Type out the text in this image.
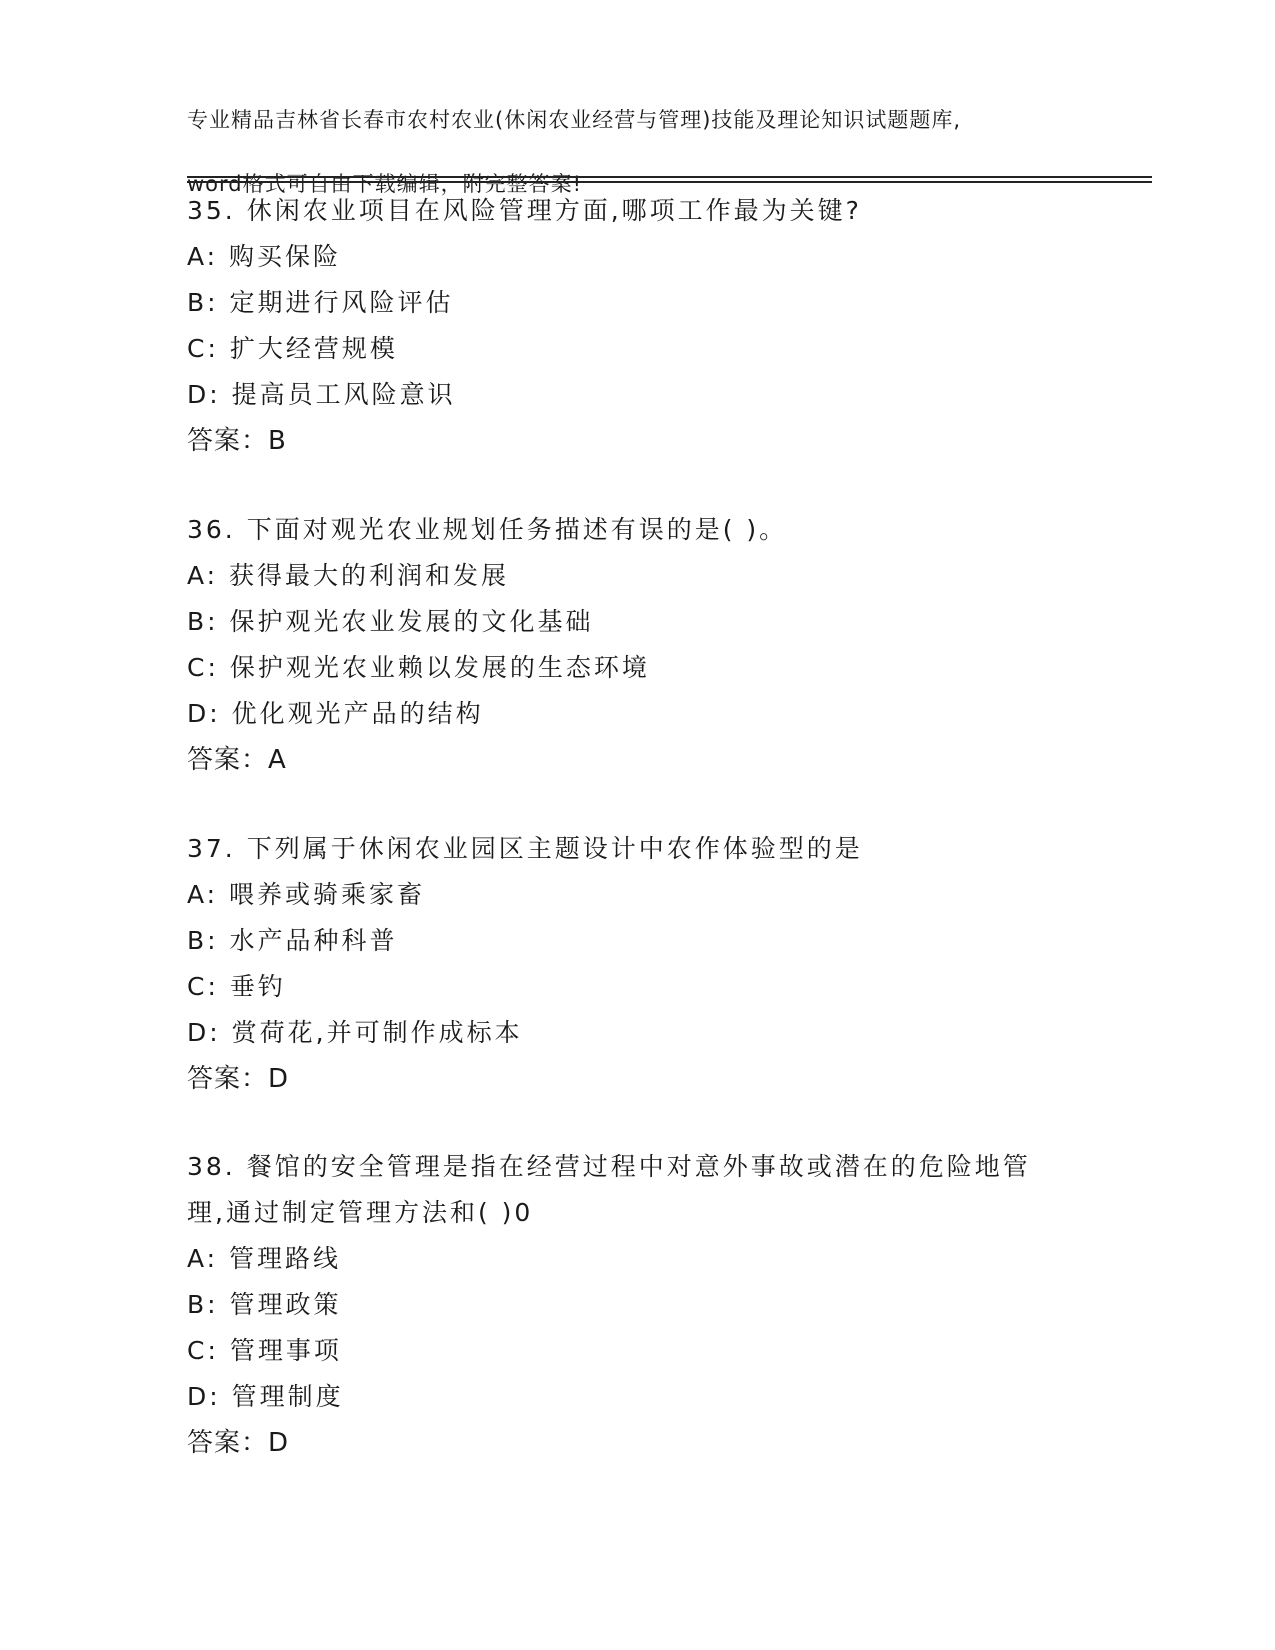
专业精品吉林省长春市农村农业(休闲农业经营与管理)技能及理论知识试题题库,

word格式可自由下载编辑，附完整答案!

35. 休闲农业项目在风险管理方面,哪项工作最为关键?
A: 购买保险
B: 定期进行风险评估
C: 扩大经营规模
D: 提高员工风险意识
答案：B
36. 下面对观光农业规划任务描述有误的是( )。
A: 获得最大的利润和发展
B: 保护观光农业发展的文化基础
C: 保护观光农业赖以发展的生态环境
D: 优化观光产品的结构
答案：A
37. 下列属于休闲农业园区主题设计中农作体验型的是
A: 喂养或骑乘家畜
B: 水产品种科普
C: 垂钓
D: 赏荷花,并可制作成标本
答案：D
38. 餐馆的安全管理是指在经营过程中对意外事故或潜在的危险地管
理,通过制定管理方法和( )0
A: 管理路线
B: 管理政策
C: 管理事项
D: 管理制度
答案：D
